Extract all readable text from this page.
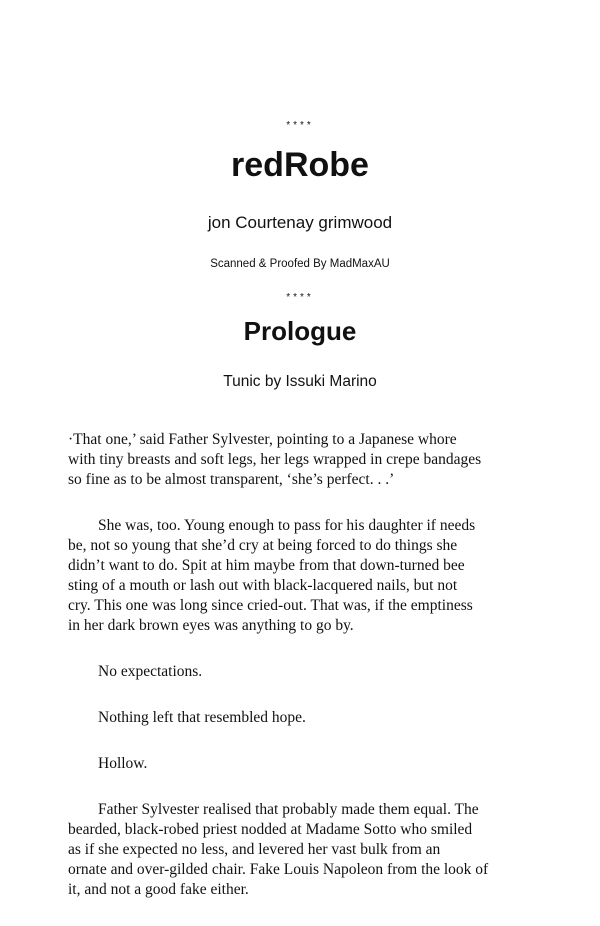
****
redRobe
jon Courtenay grimwood
Scanned & Proofed By MadMaxAU
****
Prologue
Tunic by Issuki Marino

·That one,’ said Father Sylvester, pointing to a Japanese whore
with tiny breasts and soft legs, her legs wrapped in crepe bandages
so fine as to be almost transparent, ‘she’s perfect. . .’

She was, too. Young enough to pass for his daughter if needs
be, not so young that she’d cry at being forced to do things she
didn’t want to do. Spit at him maybe from that down-turned bee
sting of a mouth or lash out with black-lacquered nails, but not
cry. This one was long since cried-out. That was, if the emptiness
in her dark brown eyes was anything to go by.

No expectations.

Nothing left that resembled hope.

Hollow.

Father Sylvester realised that probably made them equal. The
bearded, black-robed priest nodded at Madame Sotto who smiled
as if she expected no less, and levered her vast bulk from an
ornate and over-gilded chair. Fake Louis Napoleon from the look of
it, and not a good fake either.
